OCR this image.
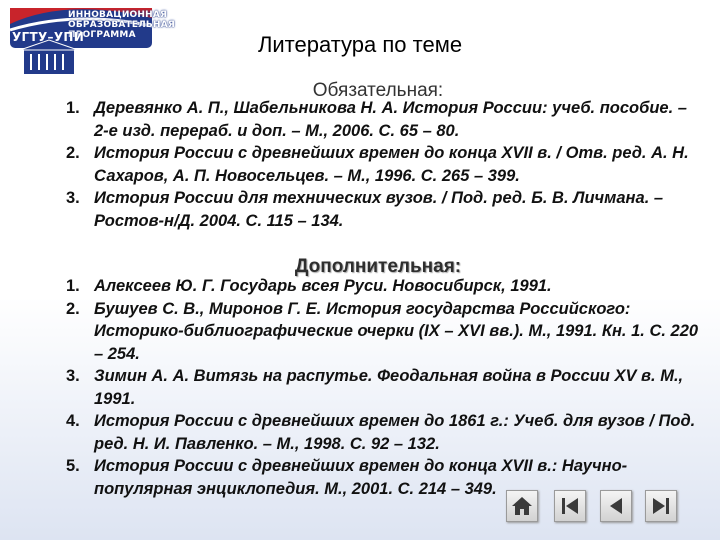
ИННОВАЦИОННАЯ
ОБРАЗОВАТЕЛЬНАЯ
ПРОГРАММА
УГТУ–УПИ	Литература по теме
Обязательная:
1. Деревянко А. П., Шабельникова Н. А. История России: учеб. пособие. – 2-е изд. перераб. и доп. – М., 2006. С. 65 – 80.
2. История России с древнейших времен до конца XVII в. / Отв. ред. А. Н. Сахаров, А. П. Новосельцев. – М., 1996. С. 265 – 399.
3. История России для технических вузов. / Под. ред. Б. В. Личмана. – Ростов-н/Д. 2004. С. 115 – 134.
Дополнительная:
1. Алексеев Ю. Г. Государь всея Руси. Новосибирск, 1991.
2. Бушуев С. В., Миронов Г. Е. История государства Российского: Историко-библиографические очерки (IX – XVI вв.). М., 1991. Кн. 1. С. 220 – 254.
3. Зимин А. А. Витязь на распутье. Феодальная война в России XV в. М., 1991.
4. История России с древнейших времен до 1861 г.: Учеб. для вузов / Под. ред. Н. И. Павленко. – М., 1998. С. 92 – 132.
5. История России с древнейших времен до конца XVII в.: Научно-популярная энциклопедия. М., 2001. С. 214 – 349.
